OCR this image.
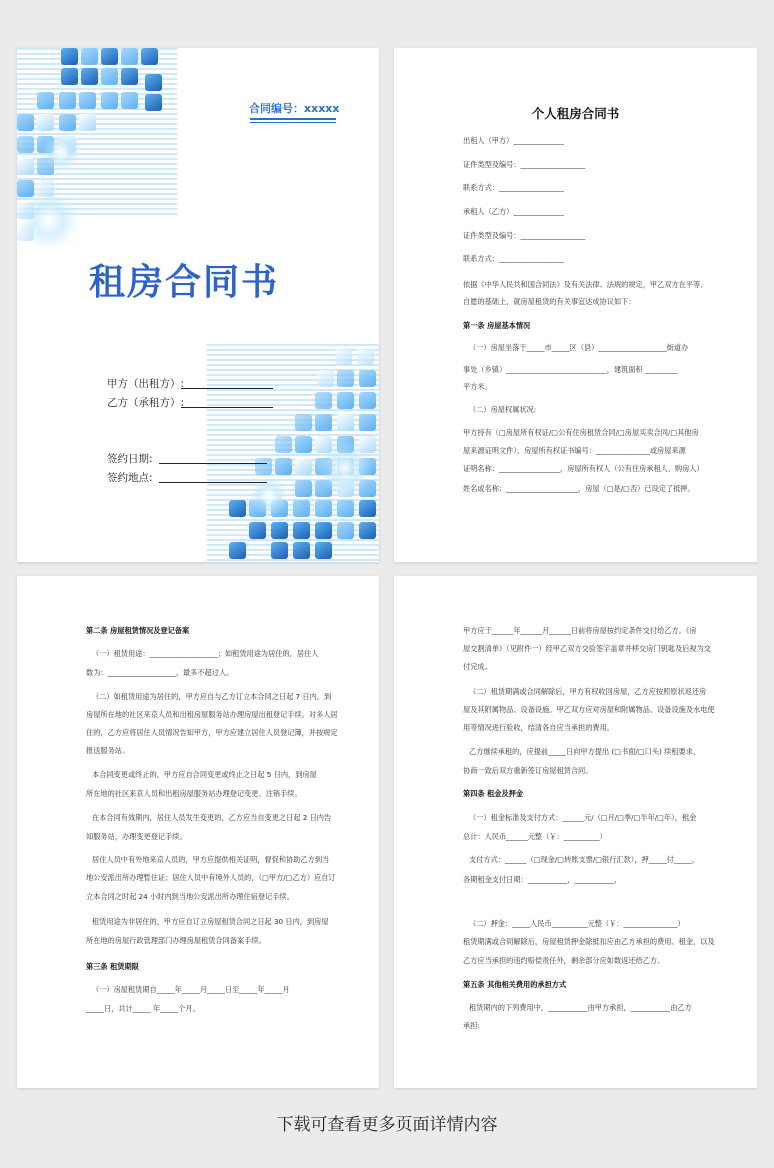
合同编号：xxxxx
租房合同书
甲方（出租方）:
乙方（承租方）:
签约日期:
签约地点:
个人租房合同书
出租人（甲方）______________
证件类型及编号：__________________
联系方式：__________________
承租人（乙方）______________
证件类型及编号：__________________
联系方式：__________________
依据《中华人民共和国合同法》及有关法律、法规的规定，甲乙双方在平等、
自愿的基础上，就房屋租赁的有关事宜达成协议如下：
第一条 房屋基本情况
（一）房屋坐落于_____市_____区（县）___________________街道办
事处（乡镇）____________________________，建筑面积 _________
平方米。
（二）房屋权属状况:
甲方持有（□房屋所有权证/□公有住房租赁合同/□房屋买卖合同/□其他房
屋来源证明文件），房屋所有权证书编号：_______________或房屋来源
证明名称：_________________，房屋所有权人（公有住房承租人、购房人）
姓名或名称：____________________，房屋（□是/□否）已设定了抵押。
第二条 房屋租赁情况及登记备案
（一）租赁用途：___________________；如租赁用途为居住的，居住人
数为：___________________，最多不超过人。
（二）如租赁用途为居住的，甲方应自与乙方订立本合同之日起 7 日内，到
房屋所在地的社区来京人员和出租房屋服务站办理房屋出租登记手续。对多人居
住的，乙方应将居住人员情况告知甲方，甲方应建立居住人员登记簿，并按规定
报送服务站。
本合同变更或终止的，甲方应自合同变更或终止之日起 5 日内，到房屋
所在地的社区来京人员和出租房屋服务站办理登记变更、注销手续。
在本合同有效期内，居住人员发生变更的，乙方应当自变更之日起 2 日内告
知服务站，办理变更登记手续。
居住人员中有外地来京人员的，甲方应提供相关证明，督促和协助乙方到当
地公安派出所办理暂住证；居住人员中有境外人员的，（□甲方/□乙方）应自订
立本合同之时起 24 小时内到当地公安派出所办理住宿登记手续。
租赁用途为非居住的，甲方应自订立房屋租赁合同之日起 30 日内，到房屋
所在地的房屋行政管理部门办理房屋租赁合同备案手续。
第三条 租赁期限
（一）房屋租赁期自_____年_____月_____日至_____年_____月
_____日，共计_____ 年_____个月。
甲方应于______年______月______日前将房屋按约定条件交付给乙方。《房
屋交割清单》（见附件一）经甲乙双方交验签字盖章并移交房门钥匙及后视为交
付完成。
（二）租赁期满或合同解除后，甲方有权收回房屋，乙方应按照原状返还房
屋及其附属物品、设备设施。甲乙双方应对房屋和附属物品、设备设施及水电使
用等情况进行验收，结清各自应当承担的费用。
乙方继续承租的，应提前_____日向甲方提出 (□书面/□口头) 续租要求，
协商一致后双方重新签订房屋租赁合同。
第四条 租金及押金
（一）租金标准及支付方式：______元/（□月/□季/□半年/□年），租金
总计：人民币______元整（￥：__________）
支付方式：______（□现金/□转账支票/□银行汇款），押_____付_____，
各期租金支付日期：___________，___________，
（二）押金：_____人民币__________元整（￥：_______________）
租赁期满或合同解除后，房屋租赁押金除抵扣应由乙方承担的费用、租金，以及
乙方应当承担的违约赔偿责任外，剩余部分应如数返还给乙方。
第五条 其他相关费用的承担方式
租赁期内的下列费用中，___________由甲方承担，___________由乙方
承担:
下载可查看更多页面详情内容
